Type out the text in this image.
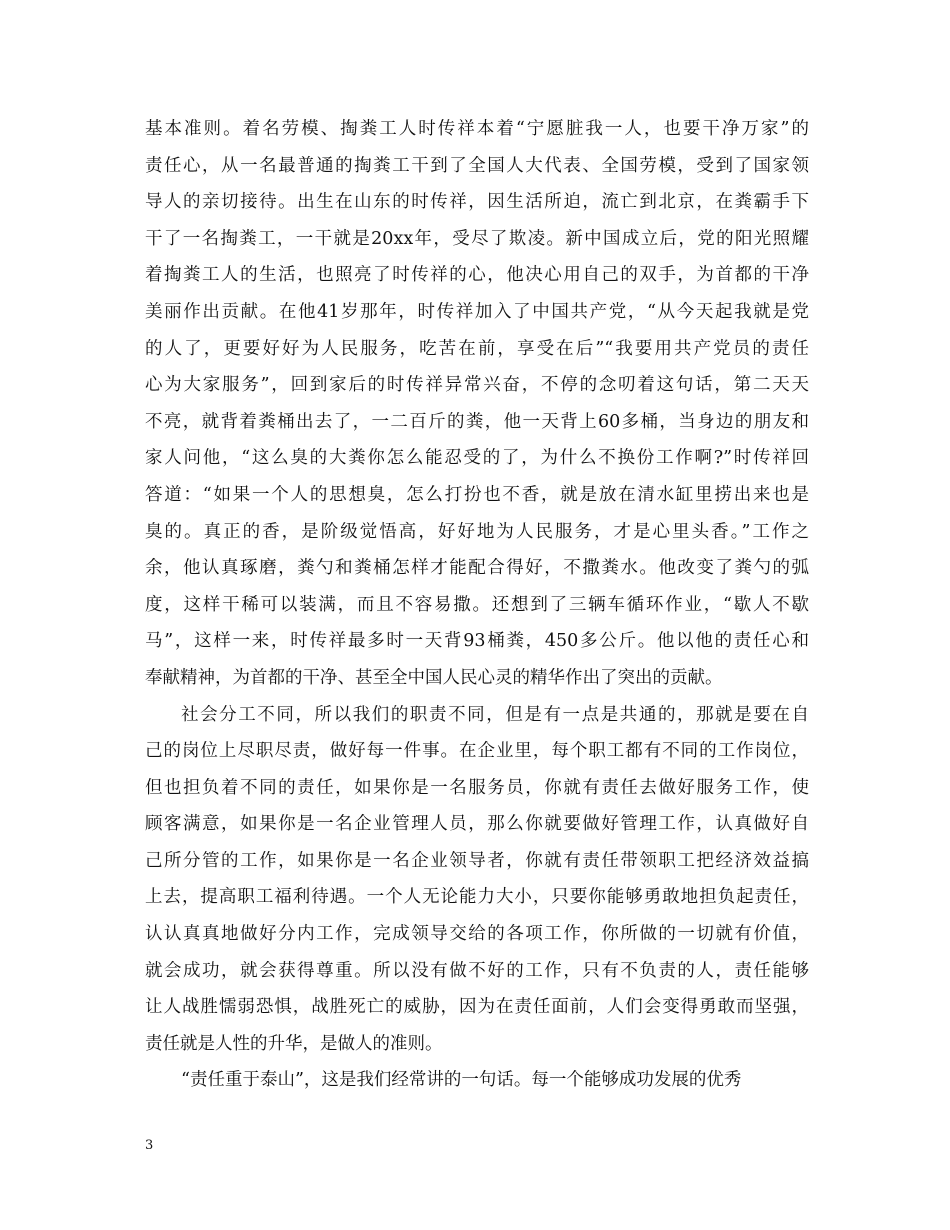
基本准则。着名劳模、掏粪工人时传祥本着“宁愿脏我一人，也要干净万家”的
责任心，从一名最普通的掏粪工干到了全国人大代表、全国劳模，受到了国家领
导人的亲切接待。出生在山东的时传祥，因生活所迫，流亡到北京，在粪霸手下
干了一名掏粪工，一干就是20xx年，受尽了欺凌。新中国成立后，党的阳光照耀
着掏粪工人的生活，也照亮了时传祥的心，他决心用自己的双手，为首都的干净
美丽作出贡献。在他41岁那年，时传祥加入了中国共产党，“从今天起我就是党
的人了，更要好好为人民服务，吃苦在前，享受在后”“我要用共产党员的责任
心为大家服务”，回到家后的时传祥异常兴奋，不停的念叨着这句话，第二天天
不亮，就背着粪桶出去了，一二百斤的粪，他一天背上60多桶，当身边的朋友和
家人问他，“这么臭的大粪你怎么能忍受的了，为什么不换份工作啊?”时传祥回
答道：“如果一个人的思想臭，怎么打扮也不香，就是放在清水缸里捞出来也是
臭的。真正的香，是阶级觉悟高，好好地为人民服务，才是心里头香。”工作之
余，他认真琢磨，粪勺和粪桶怎样才能配合得好，不撒粪水。他改变了粪勺的弧
度，这样干稀可以装满，而且不容易撒。还想到了三辆车循环作业，“歇人不歇
马”，这样一来，时传祥最多时一天背93桶粪，450多公斤。他以他的责任心和
奉献精神，为首都的干净、甚至全中国人民心灵的精华作出了突出的贡献。
社会分工不同，所以我们的职责不同，但是有一点是共通的，那就是要在自
己的岗位上尽职尽责，做好每一件事。在企业里，每个职工都有不同的工作岗位，
但也担负着不同的责任，如果你是一名服务员，你就有责任去做好服务工作，使
顾客满意，如果你是一名企业管理人员，那么你就要做好管理工作，认真做好自
己所分管的工作，如果你是一名企业领导者，你就有责任带领职工把经济效益搞
上去，提高职工福利待遇。一个人无论能力大小，只要你能够勇敢地担负起责任，
认认真真地做好分内工作，完成领导交给的各项工作，你所做的一切就有价值，
就会成功，就会获得尊重。所以没有做不好的工作，只有不负责的人，责任能够
让人战胜懦弱恐惧，战胜死亡的威胁，因为在责任面前，人们会变得勇敢而坚强，
责任就是人性的升华，是做人的准则。
“责任重于泰山”，这是我们经常讲的一句话。每一个能够成功发展的优秀
3
